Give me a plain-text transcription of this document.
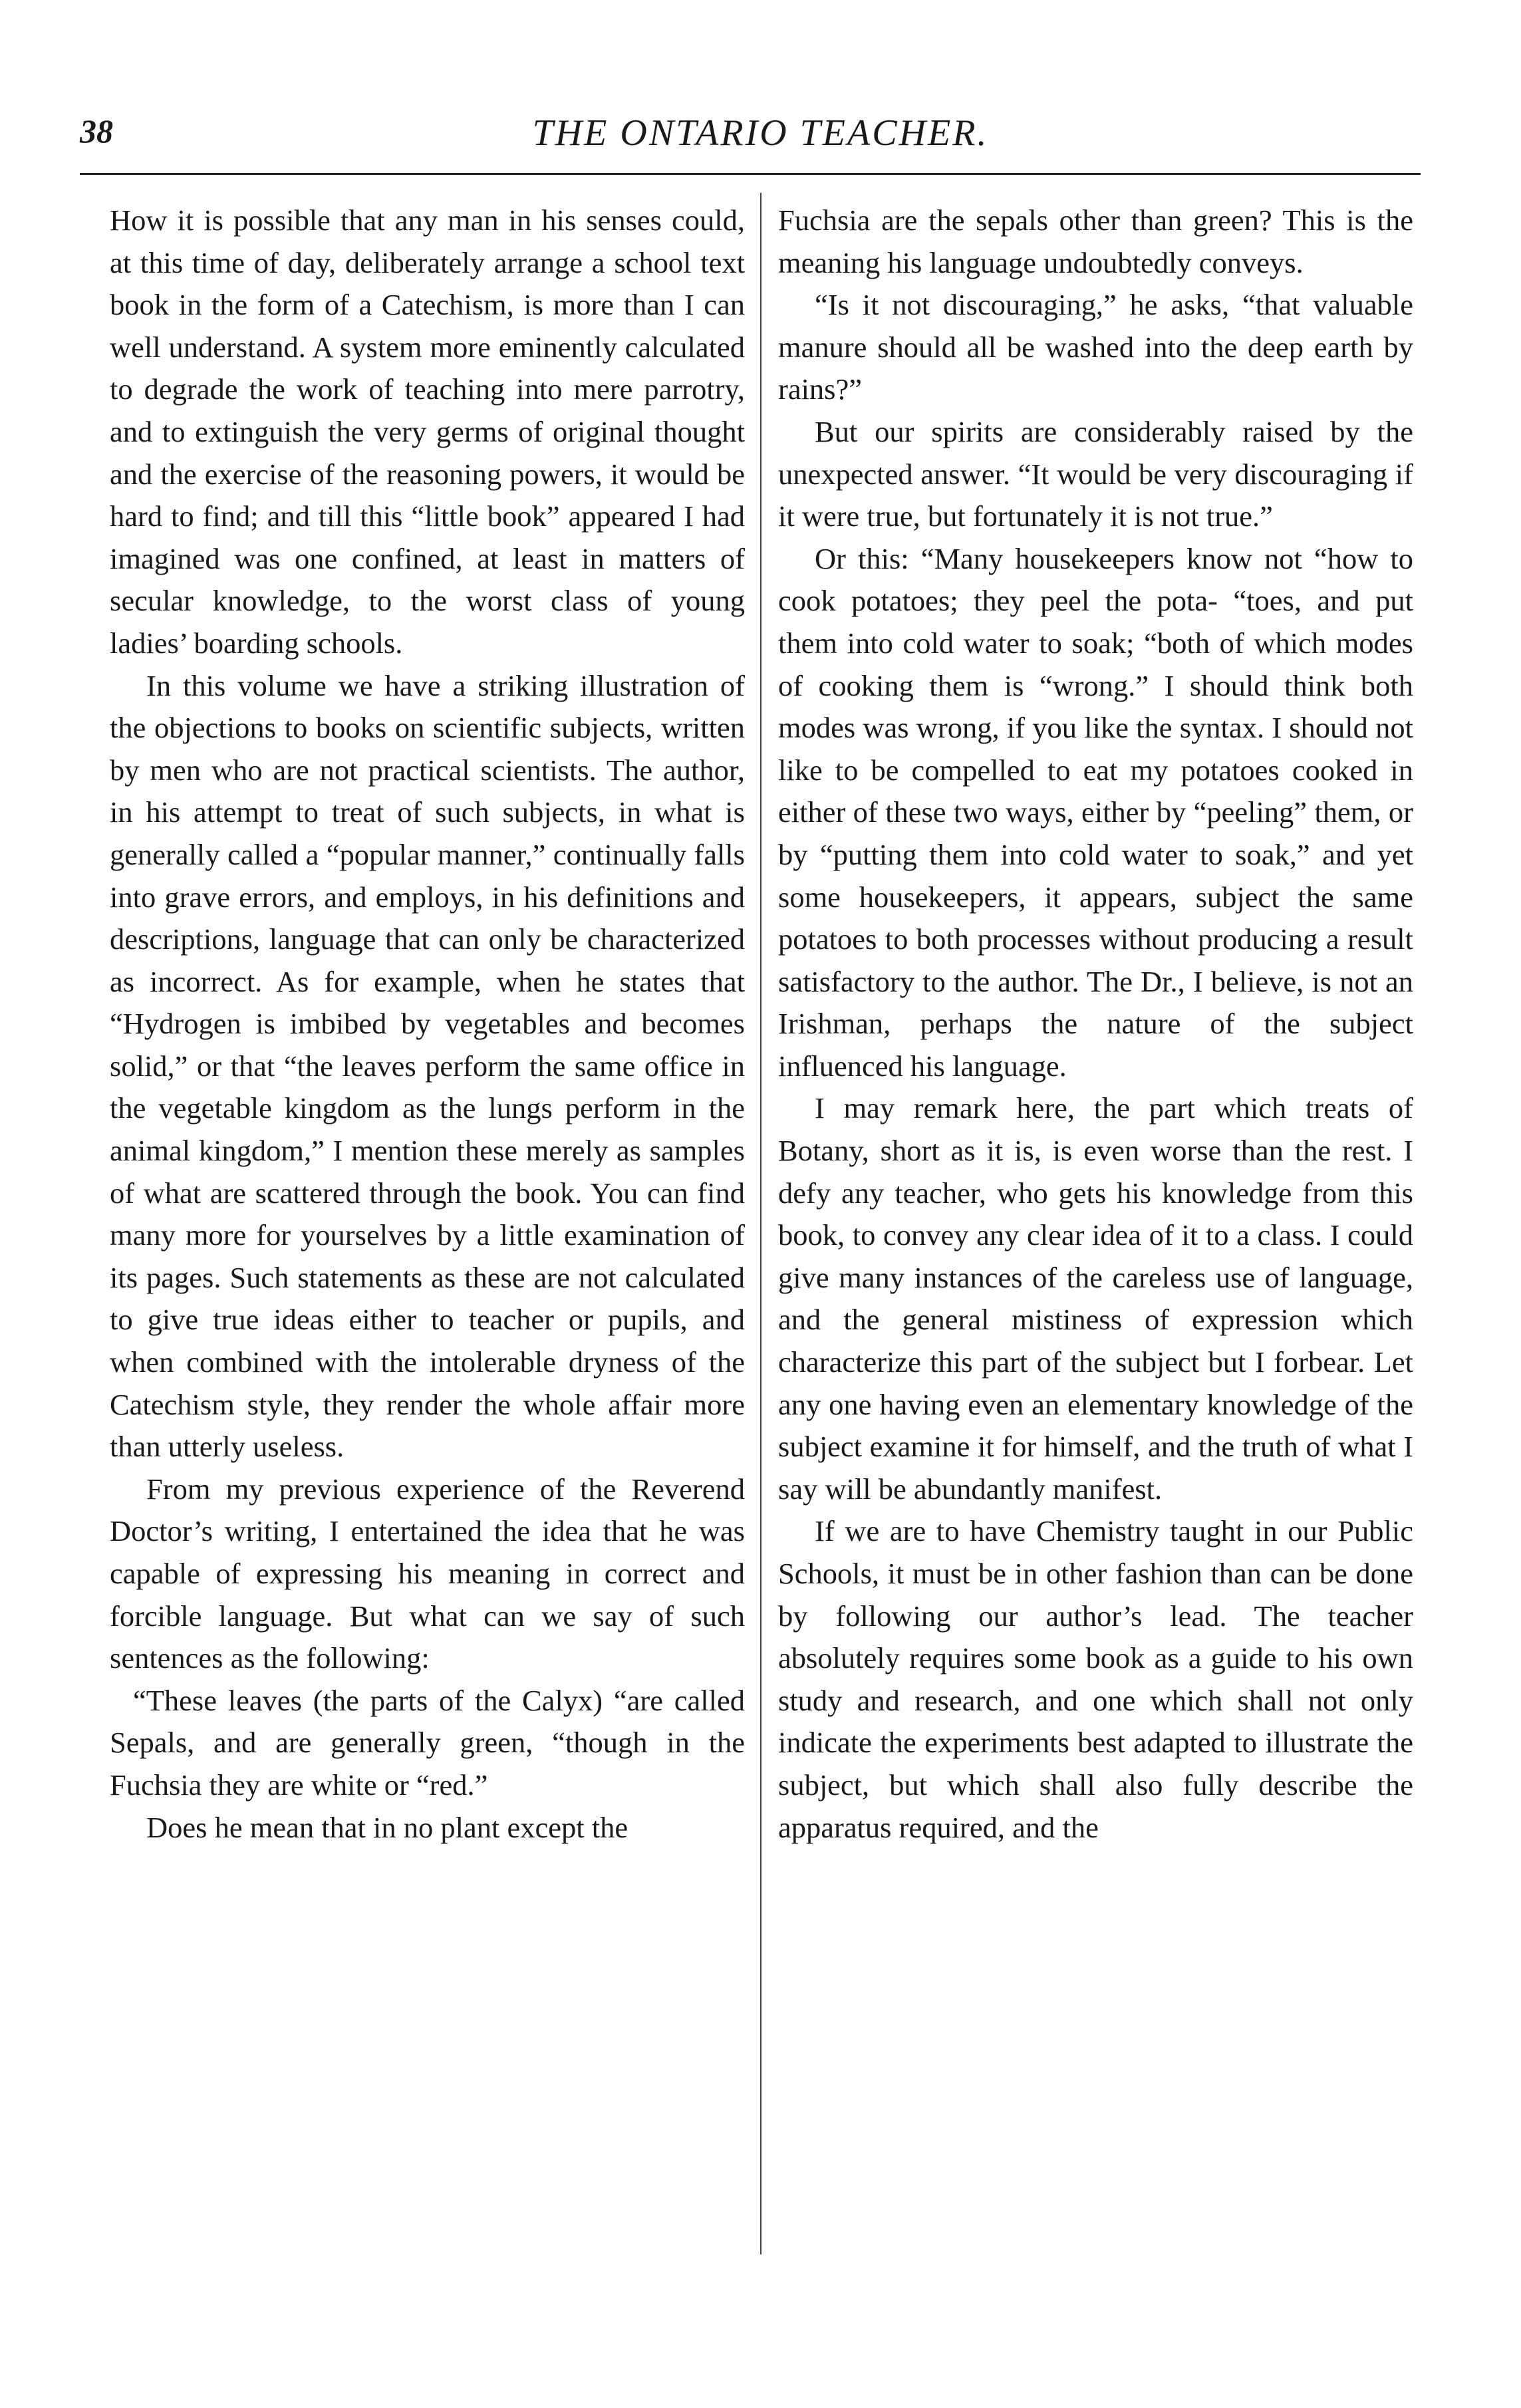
38	THE ONTARIO TEACHER.

How it is possible that any man in his senses could, at this time of day, deliberately arrange a school text book in the form of a Catechism, is more than I can well understand. A system more eminently calculated to degrade the work of teaching into mere parrotry, and to extinguish the very germs of original thought and the exercise of the reasoning powers, it would be hard to find; and till this “little book” appeared I had imagined was one confined, at least in matters of secular knowledge, to the worst class of young ladies’ boarding schools.

In this volume we have a striking illustration of the objections to books on scientific subjects, written by men who are not practical scientists. The author, in his attempt to treat of such subjects, in what is generally called a “popular manner,” continually falls into grave errors, and employs, in his definitions and descriptions, language that can only be characterized as incorrect. As for example, when he states that “Hydrogen is imbibed by vegetables and becomes solid,” or that “the leaves perform the same office in the vegetable kingdom as the lungs perform in the animal kingdom,” I mention these merely as samples of what are scattered through the book. You can find many more for yourselves by a little examination of its pages. Such statements as these are not calculated to give true ideas either to teacher or pupils, and when combined with the intolerable dryness of the Catechism style, they render the whole affair more than utterly useless.

From my previous experience of the Reverend Doctor’s writing, I entertained the idea that he was capable of expressing his meaning in correct and forcible language. But what can we say of such sentences as the following:

“These leaves (the parts of the Calyx) “are called Sepals, and are generally green, “though in the Fuchsia they are white or “red.”

Does he mean that in no plant except the

Fuchsia are the sepals other than green? This is the meaning his language undoubtedly conveys.

“Is it not discouraging,” he asks, “that valuable manure should all be washed into the deep earth by rains?”

But our spirits are considerably raised by the unexpected answer. “It would be very discouraging if it were true, but fortunately it is not true.”

Or this: “Many housekeepers know not “how to cook potatoes; they peel the pota- “toes, and put them into cold water to soak; “both of which modes of cooking them is “wrong.” I should think both modes was wrong, if you like the syntax. I should not like to be compelled to eat my potatoes cooked in either of these two ways, either by “peeling” them, or by “putting them into cold water to soak,” and yet some housekeepers, it appears, subject the same potatoes to both processes without producing a result satisfactory to the author. The Dr., I believe, is not an Irishman, perhaps the nature of the subject influenced his language.

I may remark here, the part which treats of Botany, short as it is, is even worse than the rest. I defy any teacher, who gets his knowledge from this book, to convey any clear idea of it to a class. I could give many instances of the careless use of language, and the general mistiness of expression which characterize this part of the subject but I forbear. Let any one having even an elementary knowledge of the subject examine it for himself, and the truth of what I say will be abundantly manifest.

If we are to have Chemistry taught in our Public Schools, it must be in other fashion than can be done by following our author’s lead. The teacher absolutely requires some book as a guide to his own study and research, and one which shall not only indicate the experiments best adapted to illustrate the subject, but which shall also fully describe the apparatus required, and the
